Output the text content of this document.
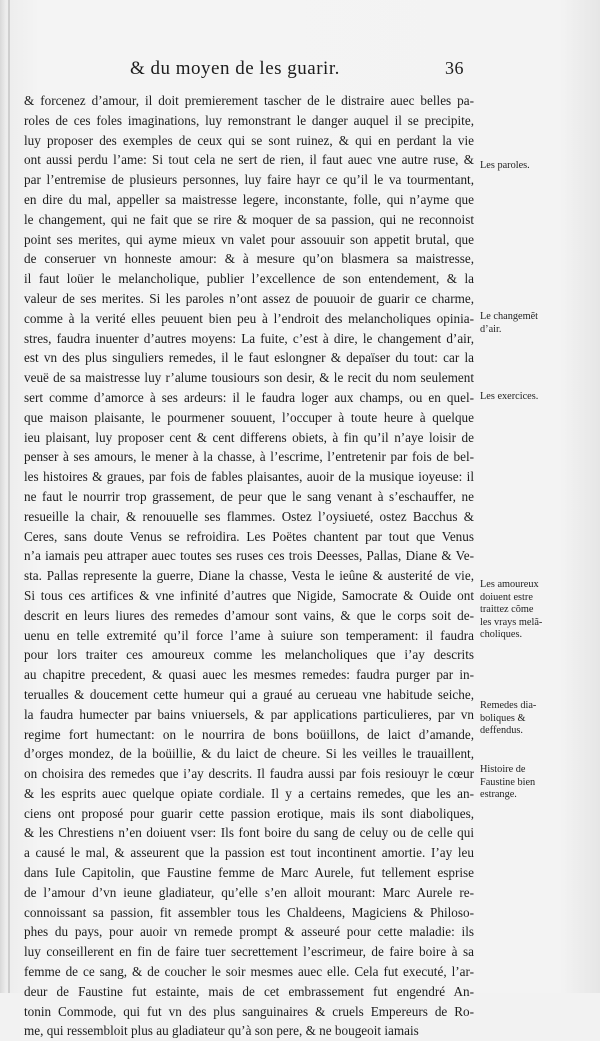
& du moyen de les guarir.	36
& forcenez d’amour, il doit premierement tascher de le distraire auec belles pa-
roles de ces foles imaginations, luy remonstrant le danger auquel il se precipite,
luy proposer des exemples de ceux qui se sont ruinez, & qui en perdant la vie
ont aussi perdu l’ame: Si tout cela ne sert de rien, il faut auec vne autre ruse, &
par l’entremise de plusieurs personnes, luy faire hayr ce qu’il le va tourmentant,
en dire du mal, appeller sa maistresse legere, inconstante, folle, qui n’ayme que
le changement, qui ne fait que se rire & moquer de sa passion, qui ne reconnoist
point ses merites, qui ayme mieux vn valet pour assouuir son appetit brutal, que
de conseruer vn honneste amour: & à mesure qu’on blasmera sa maistresse,
il faut loüer le melancholique, publier l’excellence de son entendement, & la
valeur de ses merites. Si les paroles n’ont assez de pouuoir de guarir ce charme,
comme à la verité elles peuuent bien peu à l’endroit des melancholiques opinia-
stres, faudra inuenter d’autres moyens: La fuite, c’est à dire, le changement d’air,
est vn des plus singuliers remedes, il le faut eslongner & depaïser du tout: car la
veuë de sa maistresse luy r’alume tousiours son desir, & le recit du nom seulement
sert comme d’amorce à ses ardeurs: il le faudra loger aux champs, ou en quel-
que maison plaisante, le pourmener souuent, l’occuper à toute heure à quelque
ieu plaisant, luy proposer cent & cent differens obiets, à fin qu’il n’aye loisir de
penser à ses amours, le mener à la chasse, à l’escrime, l’entretenir par fois de bel-
les histoires & graues, par fois de fables plaisantes, auoir de la musique ioyeuse: il
ne faut le nourrir trop grassement, de peur que le sang venant à s’eschauffer, ne
resueille la chair, & renouuelle ses flammes. Ostez l’oysiueté, ostez Bacchus &
Ceres, sans doute Venus se refroidira. Les Poëtes chantent par tout que Venus
n’a iamais peu attraper auec toutes ses ruses ces trois Deesses, Pallas, Diane & Ve-
sta. Pallas represente la guerre, Diane la chasse, Vesta le ieûne & austerité de vie,
Si tous ces artifices & vne infinité d’autres que Nigide, Samocrate & Ouide ont
descrit en leurs liures des remedes d’amour sont vains, & que le corps soit de-
uenu en telle extremité qu’il force l’ame à suiure son temperament: il faudra
pour lors traiter ces amoureux comme les melancholiques que i’ay descrits
au chapitre precedent, & quasi auec les mesmes remedes: faudra purger par in-
terualles & doucement cette humeur qui a graué au cerueau vne habitude seiche,
la faudra humecter par bains vniuersels, & par applications particulieres, par vn
regime fort humectant: on le nourrira de bons boüillons, de laict d’amande,
d’orges mondez, de la boüillie, & du laict de cheure. Si les veilles le trauaillent,
on choisira des remedes que i’ay descrits. Il faudra aussi par fois resiouyr le cœur
& les esprits auec quelque opiate cordiale. Il y a certains remedes, que les an-
ciens ont proposé pour guarir cette passion erotique, mais ils sont diaboliques,
& les Chrestiens n’en doiuent vser: Ils font boire du sang de celuy ou de celle qui
a causé le mal, & asseurent que la passion est tout incontinent amortie. I’ay leu
dans Iule Capitolin, que Faustine femme de Marc Aurele, fut tellement esprise
de l’amour d’vn ieune gladiateur, qu’elle s’en alloit mourant: Marc Aurele re-
connoissant sa passion, fit assembler tous les Chaldeens, Magiciens & Philoso-
phes du pays, pour auoir vn remede prompt & asseuré pour cette maladie: ils
luy conseillerent en fin de faire tuer secrettement l’escrimeur, de faire boire à sa
femme de ce sang, & de coucher le soir mesmes auec elle. Cela fut executé, l’ar-
deur de Faustine fut estainte, mais de cet embrassement fut engendré An-
tonin Commode, qui fut vn des plus sanguinaires & cruels Empereurs de Ro-
me, qui ressembloit plus au gladiateur qu’à son pere, & ne bougeoit iamais
Les paroles.
Le changemẽt
d’air.
Les exercices.
Les amoureux
doiuent estre
traittez cõme
les vrays melã-
choliques.
Remedes dia-
boliques &
deffendus.
Histoire de
Faustine bien
estrange.
